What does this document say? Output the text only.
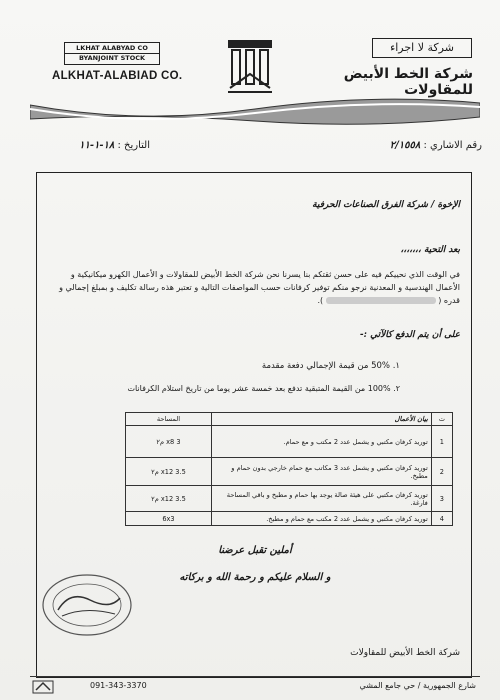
LKHAT ALABYAD CO
BYANJOINT STOCK
ALKHAT-ALABIAD CO.
شركة لا اجراء
شركة الخط الأبيض للمقاولات
رقم الاشاري : ٢/١٥٥٨
التاريخ : ١٨-١-١١
الإخوة / شركة الفرق الصناعات الحرفية
بعد التحية ،،،،،،،
في الوقت الذي نحييكم فيه على حسن ثقتكم بنا يسرنا نحن شركة الخط الأبيض للمقاولات و الأعمال الكهرو ميكانيكية و الأعمال الهندسية و المعدنية نرجو منكم توفير كرفانات حسب المواصفات التالية و تعتبر هذه رسالة تكليف و بمبلغ إجمالي و قدره (  ).
على أن يتم الدفع كالآتي :-
١. 50% من قيمة الإجمالي دفعة مقدمة
٢. 100% من القيمة المتبقية تدفع بعد خمسة عشر يوما من تاريخ استلام الكرفانات
ت	بيان الأعمال	المساحة
1	توريد كرفان مكتبي و يشمل عدد 2 مكتب و مع حمام.	3 x8 م٢
2	توريد كرفان مكتبي و يشمل عدد 3 مكاتب مع حمام خارجي بدون حمام و مطبخ.	3.5 x12 م٢
3	توريد كرفان مكتبي على هيئة صالة يوجد بها حمام و مطبخ و باقي المساحة فارغة.	3.5 x12 م٢
4	توريد كرفان مكتبي و يشمل عدد 2 مكتب مع حمام و مطبخ.	6x3
أملين تقبل عرضنا
و السلام عليكم و رحمة الله و بركاته
شركة الخط الأبيض للمقاولات
شارع الجمهورية / حي جامع المشي
091-343-3370
